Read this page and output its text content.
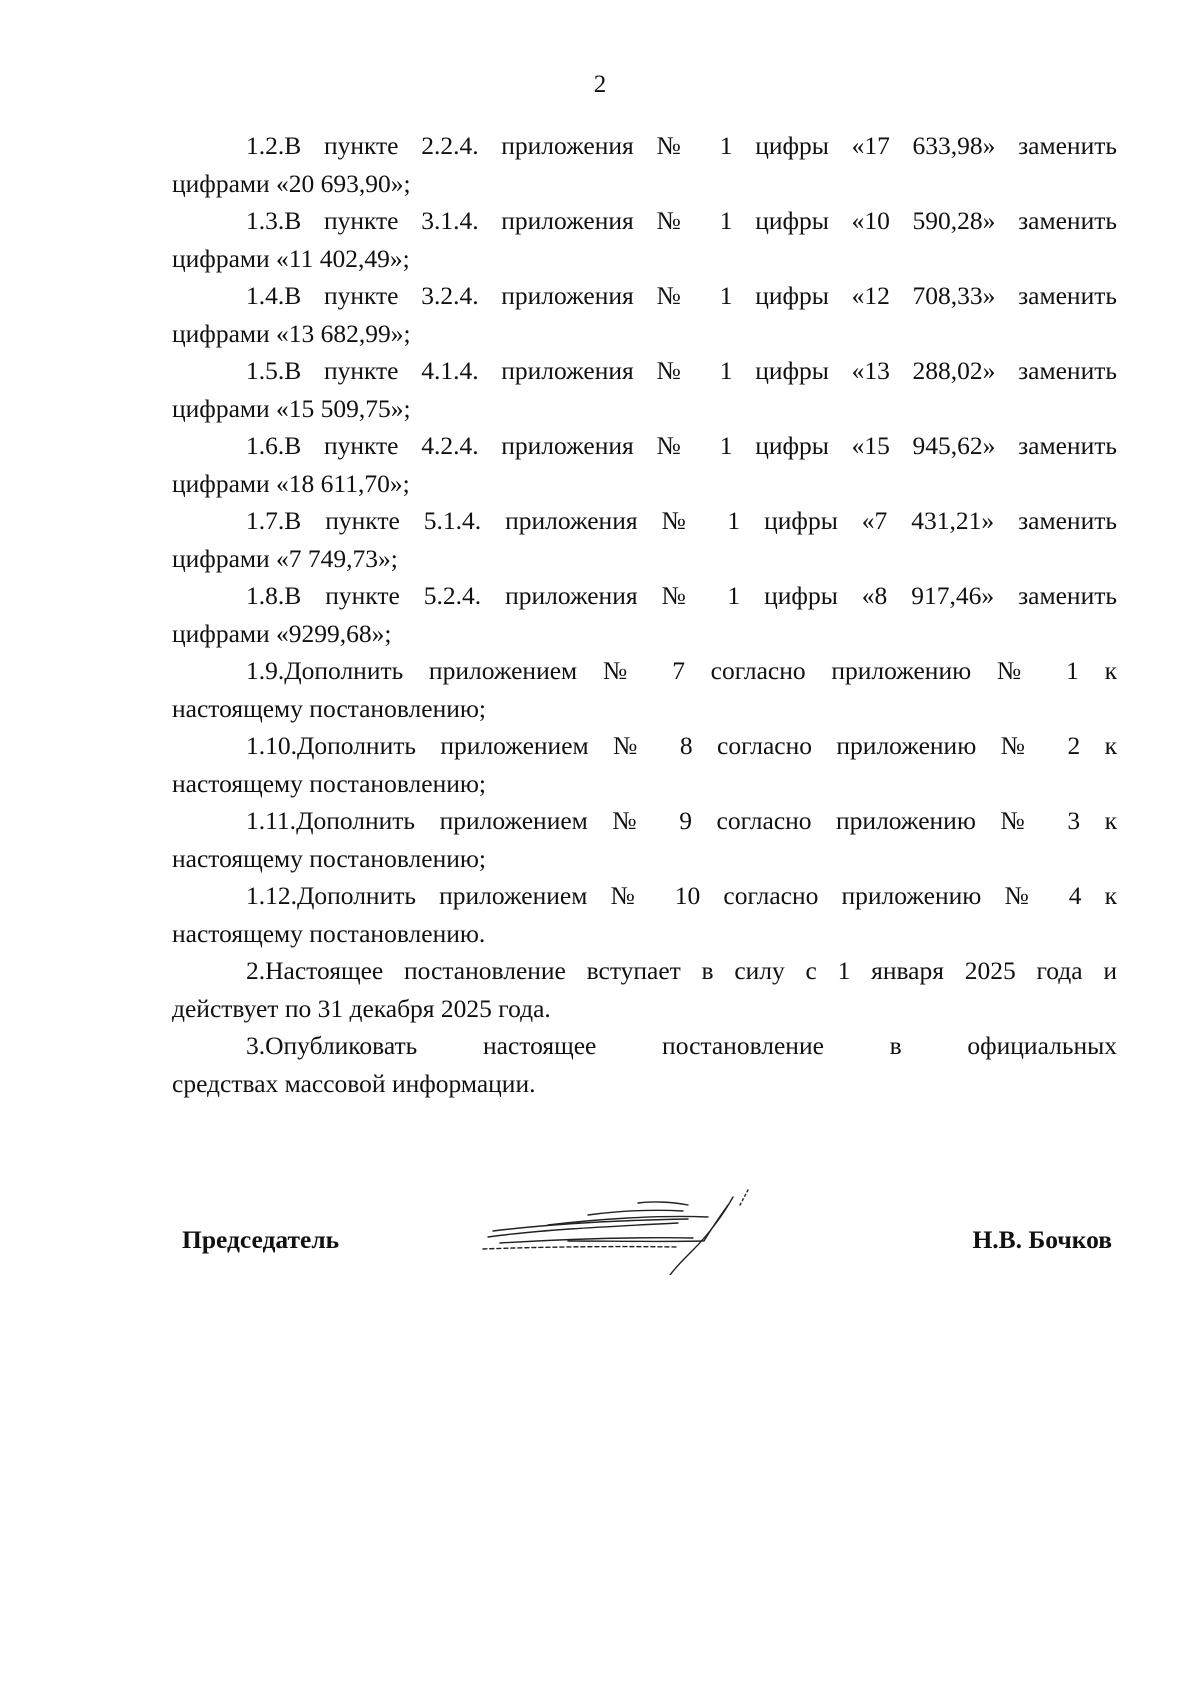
2
1.2.В пункте 2.2.4. приложения № 1 цифры «17 633,98» заменить
цифрами «20 693,90»;
1.3.В пункте 3.1.4. приложения № 1 цифры «10 590,28» заменить
цифрами «11 402,49»;
1.4.В пункте 3.2.4. приложения № 1 цифры «12 708,33» заменить
цифрами «13 682,99»;
1.5.В пункте 4.1.4. приложения № 1 цифры «13 288,02» заменить
цифрами «15 509,75»;
1.6.В пункте 4.2.4. приложения № 1 цифры «15 945,62» заменить
цифрами «18 611,70»;
1.7.В пункте 5.1.4. приложения № 1 цифры «7 431,21» заменить
цифрами «7 749,73»;
1.8.В пункте 5.2.4. приложения № 1 цифры «8 917,46» заменить
цифрами «9299,68»;
1.9.Дополнить приложением № 7 согласно приложению № 1 к
настоящему постановлению;
1.10.Дополнить приложением № 8 согласно приложению № 2 к
настоящему постановлению;
1.11.Дополнить приложением № 9 согласно приложению № 3 к
настоящему постановлению;
1.12.Дополнить приложением № 10 согласно приложению № 4 к
настоящему постановлению.
2.Настоящее постановление вступает в силу с 1 января 2025 года и
действует по 31 декабря 2025 года.
3.Опубликовать настоящее постановление в официальных
средствах массовой информации.
Председатель	Н.В. Бочков
